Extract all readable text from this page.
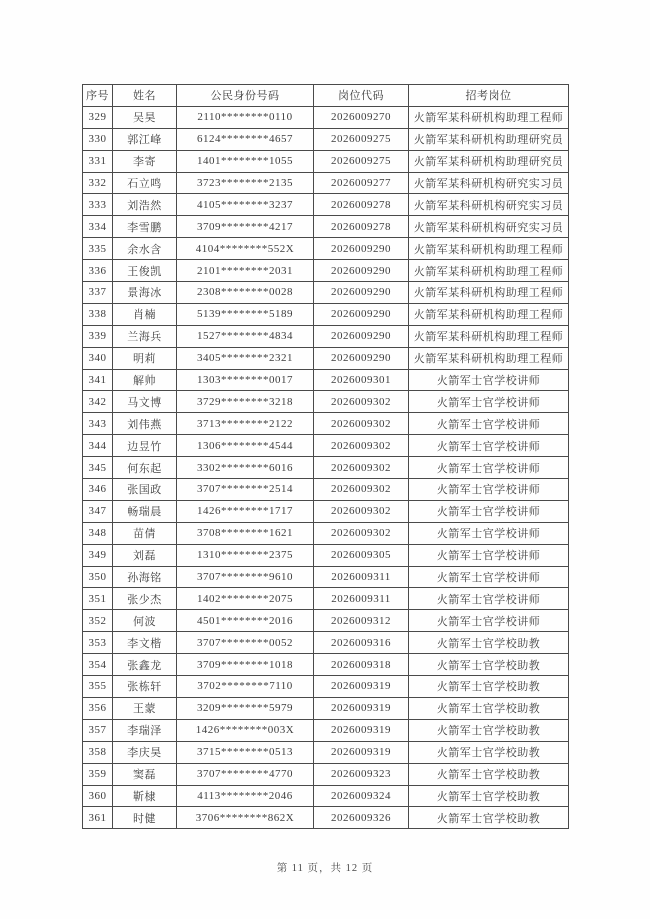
序号	姓名	公民身份号码	岗位代码	招考岗位
329	吴昊	2110********0110	2026009270	火箭军某科研机构助理工程师
330	郭江峰	6124********4657	2026009275	火箭军某科研机构助理研究员
331	李寄	1401********1055	2026009275	火箭军某科研机构助理研究员
332	石立鸣	3723********2135	2026009277	火箭军某科研机构研究实习员
333	刘浩然	4105********3237	2026009278	火箭军某科研机构研究实习员
334	李雪鹏	3709********4217	2026009278	火箭军某科研机构研究实习员
335	余水含	4104********552X	2026009290	火箭军某科研机构助理工程师
336	王俊凯	2101********2031	2026009290	火箭军某科研机构助理工程师
337	景海冰	2308********0028	2026009290	火箭军某科研机构助理工程师
338	肖楠	5139********5189	2026009290	火箭军某科研机构助理工程师
339	兰海兵	1527********4834	2026009290	火箭军某科研机构助理工程师
340	明莉	3405********2321	2026009290	火箭军某科研机构助理工程师
341	解帅	1303********0017	2026009301	火箭军士官学校讲师
342	马文博	3729********3218	2026009302	火箭军士官学校讲师
343	刘伟燕	3713********2122	2026009302	火箭军士官学校讲师
344	边昱竹	1306********4544	2026009302	火箭军士官学校讲师
345	何东起	3302********6016	2026009302	火箭军士官学校讲师
346	张国政	3707********2514	2026009302	火箭军士官学校讲师
347	畅瑞晨	1426********1717	2026009302	火箭军士官学校讲师
348	苗倩	3708********1621	2026009302	火箭军士官学校讲师
349	刘磊	1310********2375	2026009305	火箭军士官学校讲师
350	孙海铭	3707********9610	2026009311	火箭军士官学校讲师
351	张少杰	1402********2075	2026009311	火箭军士官学校讲师
352	何波	4501********2016	2026009312	火箭军士官学校讲师
353	李文楷	3707********0052	2026009316	火箭军士官学校助教
354	张鑫龙	3709********1018	2026009318	火箭军士官学校助教
355	张栋轩	3702********7110	2026009319	火箭军士官学校助教
356	王蒙	3209********5979	2026009319	火箭军士官学校助教
357	李瑞泽	1426********003X	2026009319	火箭军士官学校助教
358	李庆昊	3715********0513	2026009319	火箭军士官学校助教
359	窦磊	3707********4770	2026009323	火箭军士官学校助教
360	靳棣	4113********2046	2026009324	火箭军士官学校助教
361	时健	3706********862X	2026009326	火箭军士官学校助教
第 11 页，共 12 页
